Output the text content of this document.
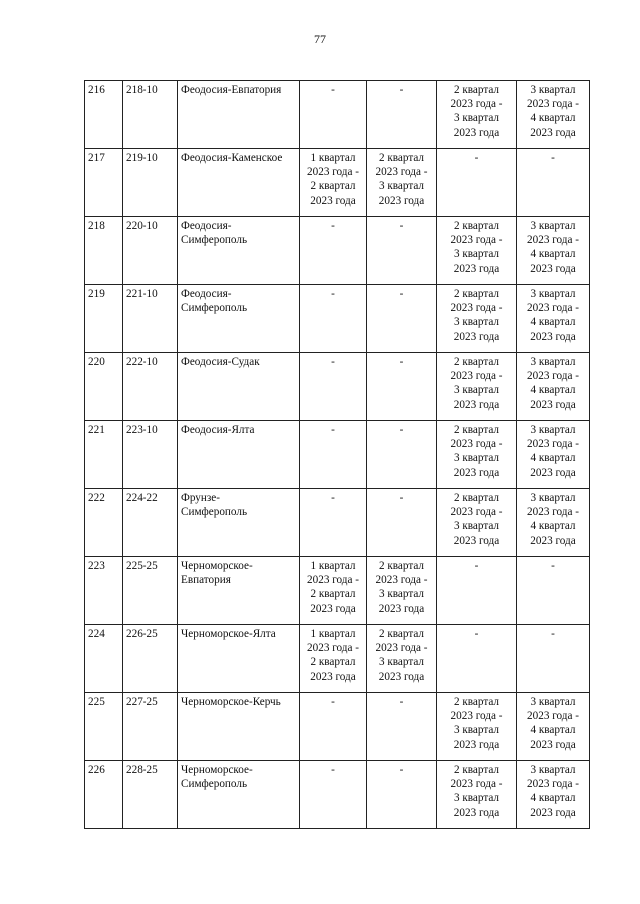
77
216	218-10	Феодосия-Евпатория	-	-	2 квартал
2023 года -
3 квартал
2023 года	3 квартал
2023 года -
4 квартал
2023 года

217	219-10	Феодосия-Каменское	1 квартал
2023 года -
2 квартал
2023 года	2 квартал
2023 года -
3 квартал
2023 года	-	-
218	220-10	Феодосия-
Симферополь	-	-	2 квартал
2023 года -
3 квартал
2023 года	3 квартал
2023 года -
4 квартал
2023 года

219	221-10	Феодосия-
Симферополь	-	-	2 квартал
2023 года -
3 квартал
2023 года	3 квартал
2023 года -
4 квартал
2023 года

220	222-10	Феодосия-Судак	-	-	2 квартал
2023 года -
3 квартал
2023 года	3 квартал
2023 года -
4 квартал
2023 года

221	223-10	Феодосия-Ялта	-	-	2 квартал
2023 года -
3 квартал
2023 года	3 квартал
2023 года -
4 квартал
2023 года

222	224-22	Фрунзе-
Симферополь	-	-	2 квартал
2023 года -
3 квартал
2023 года	3 квартал
2023 года -
4 квартал
2023 года

223	225-25	Черноморское-
Евпатория	1 квартал
2023 года -
2 квартал
2023 года	2 квартал
2023 года -
3 квартал
2023 года	-	-
224	226-25	Черноморское-Ялта	1 квартал
2023 года -
2 квартал
2023 года	2 квартал
2023 года -
3 квартал
2023 года	-	-
225	227-25	Черноморское-Керчь	-	-	2 квартал
2023 года -
3 квартал
2023 года	3 квартал
2023 года -
4 квартал
2023 года

226	228-25	Черноморское-
Симферополь	-	-	2 квартал
2023 года -
3 квартал
2023 года	3 квартал
2023 года -
4 квартал
2023 года
